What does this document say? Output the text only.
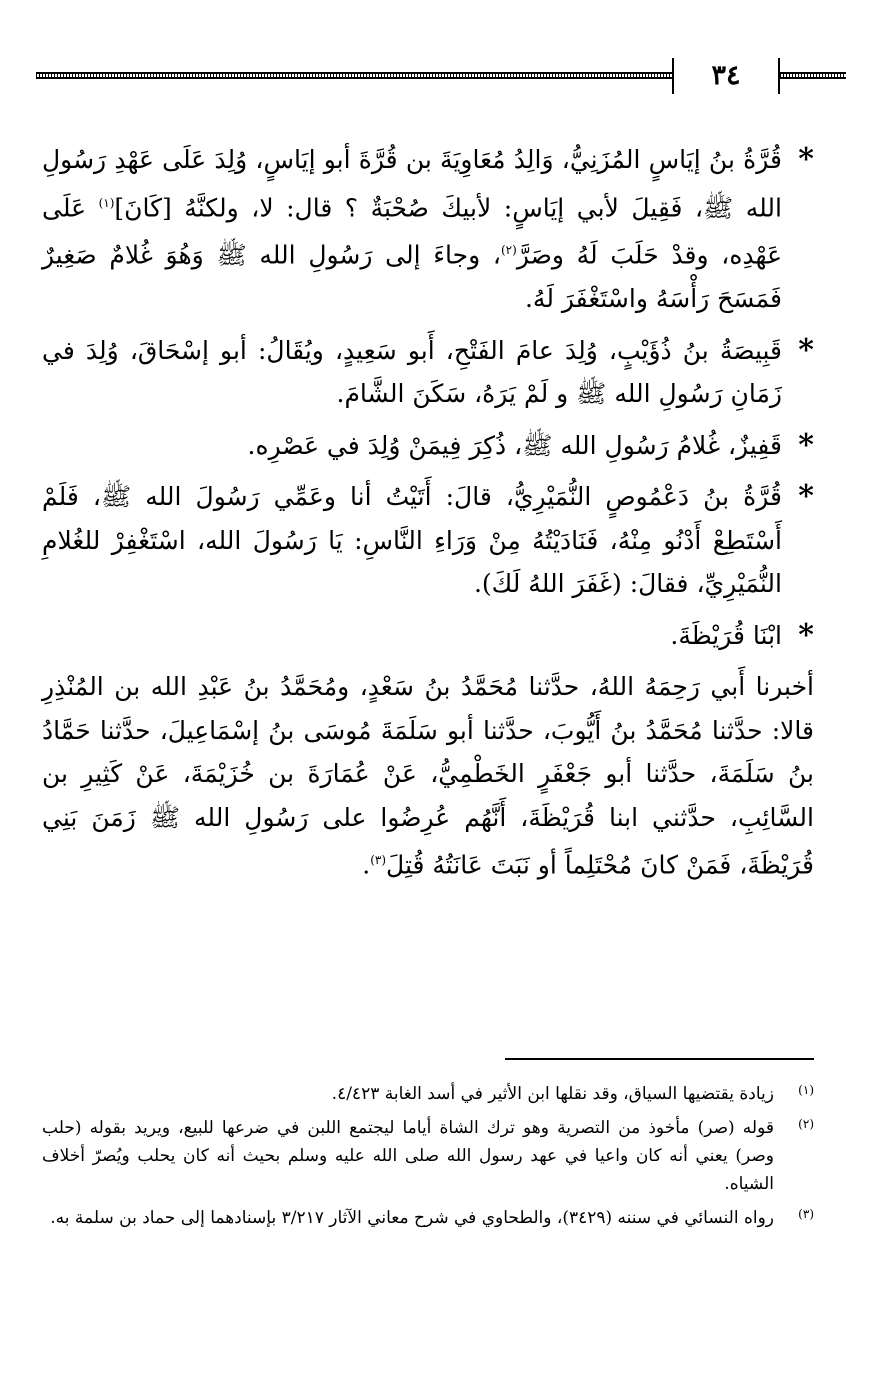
٣٤
*
قُرَّةُ بنُ إيَاسٍ المُزَنِيُّ، وَالِدُ مُعَاوِيَةَ بن قُرَّةَ أبو إيَاسٍ، وُلِدَ عَلَى عَهْدِ رَسُولِ الله ﷺ، فَقِيلَ لأبي إيَاسٍ: لأبيكَ صُحْبَةٌ ؟ قال: لا، ولكنَّهُ [كَانَ]$^{(١)}$ عَلَى عَهْدِه، وقدْ حَلَبَ لَهُ وصَرَّ$^{(٢)}$، وجاءَ إلى رَسُولِ الله ﷺ وَهُوَ غُلامٌ صَغِيرٌ فَمَسَحَ رَأْسَهُ واسْتَغْفَرَ لَهُ.
*
قَبِيصَةُ بنُ ذُؤَيْبٍ، وُلِدَ عامَ الفَتْحِ، أَبو سَعِيدٍ، ويُقَالُ: أبو إسْحَاقَ، وُلِدَ في زَمَانِ رَسُولِ الله ﷺ و لَمْ يَرَهُ، سَكَنَ الشَّامَ.
*
قَفِيزٌ، غُلامُ رَسُولِ الله ﷺ، ذُكِرَ فِيمَنْ وُلِدَ في عَصْرِه.
*
قُرَّةُ بنُ دَعْمُوصٍ النُّمَيْرِيُّ، قالَ: أَتَيْتُ أنا وعَمِّي رَسُولَ الله ﷺ، فَلَمْ أَسْتَطِعْ أَدْنُو مِنْهُ، فَنَادَيْتُهُ مِنْ وَرَاءِ النَّاسِ: يَا رَسُولَ الله، اسْتَغْفِرْ للغُلامِ النُّمَيْرِيِّ، فقالَ: (غَفَرَ اللهُ لَكَ).
*
ابْنَا قُرَيْظَةَ.

أخبرنا أَبي رَحِمَهُ اللهُ، حدَّثنا مُحَمَّدُ بنُ سَعْدٍ، ومُحَمَّدُ بنُ عَبْدِ الله بن المُنْذِرِ قالا: حدَّثنا مُحَمَّدُ بنُ أَيُّوبَ، حدَّثنا أبو سَلَمَةَ مُوسَى بنُ إسْمَاعِيلَ، حدَّثنا حَمَّادُ بنُ سَلَمَةَ، حدَّثنا أبو جَعْفَرٍ الخَطْمِيُّ، عَنْ عُمَارَةَ بن خُزَيْمَةَ، عَنْ كَثِيرِ بن السَّائِبِ، حدَّثني ابنا قُرَيْظَةَ، أَنَّهُم عُرِضُوا على رَسُولِ الله ﷺ زَمَنَ بَنِي قُرَيْظَةَ، فَمَنْ كانَ مُحْتَلِماً أو نَبَتَ عَانَتُهُ قُتِلَ$^{(٣)}$.

(١)
زيادة يقتضيها السياق، وقد نقلها ابن الأثير في أسد الغابة ٤/٤٢٣.
(٢)
قوله (صر) مأخوذ من التصرية وهو ترك الشاة أياما ليجتمع اللبن في ضرعها للبيع، ويريد بقوله (حلب وصر) يعني أنه كان واعيا في عهد رسول الله صلى الله عليه وسلم بحيث أنه كان يحلب ويُصرّ أخلاف الشياه.
(٣)
رواه النسائي في سننه (٣٤٢٩)، والطحاوي في شرح معاني الآثار ٣/٢١٧ بإسنادهما إلى حماد بن سلمة به.
